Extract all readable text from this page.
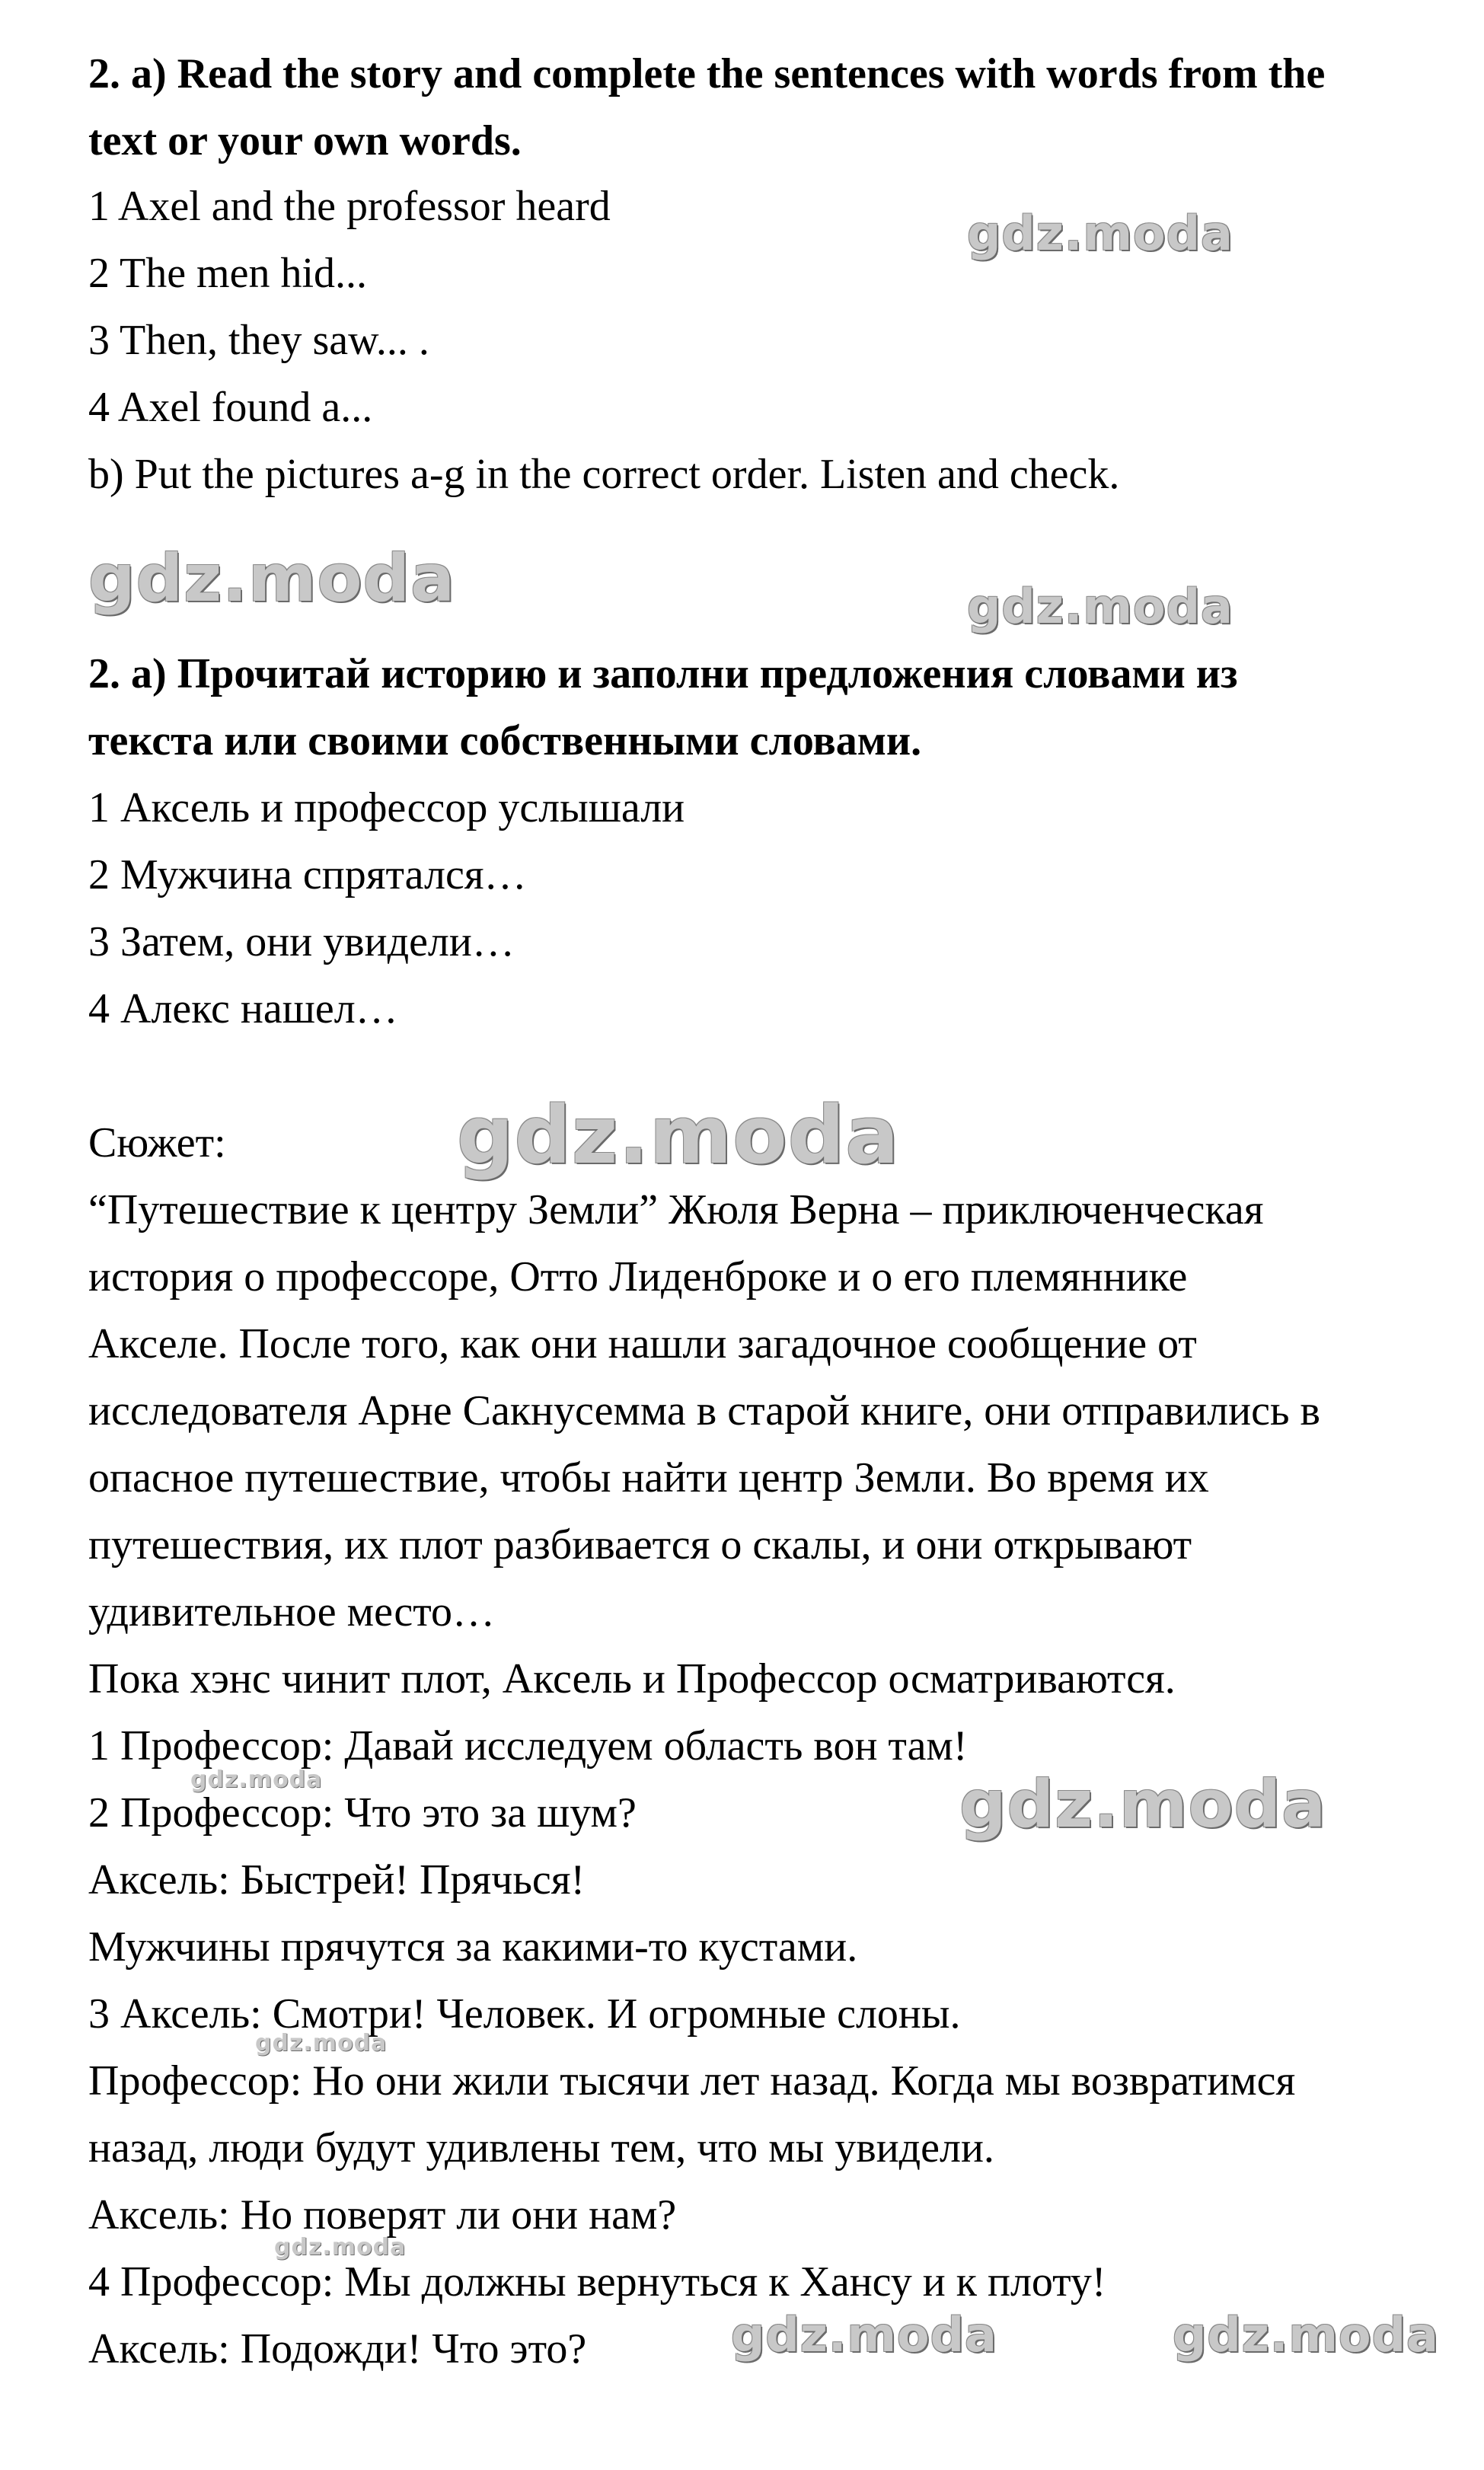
2. a) Read the story and complete the sentences with words from the
text or your own words.
1 Axel and the professor heard
2 The men hid...
3 Then, they saw... .
4 Axel found a...
b) Put the pictures a-g in the correct order. Listen and check.
2. а) Прочитай историю и заполни предложения словами из
текста или своими собственными словами.
1 Аксель и профессор услышали
2 Мужчина спрятался…
3 Затем, они увидели…
4 Алекс нашел…
Сюжет:
“Путешествие к центру Земли” Жюля Верна – приключенческая
история о профессоре, Отто Лиденброке и о его племяннике
Акселе. После того, как они нашли загадочное сообщение от
исследователя Арне Сакнусемма в старой книге, они отправились в
опасное путешествие, чтобы найти центр Земли. Во время их
путешествия, их плот разбивается о скалы, и они открывают
удивительное место…
Пока хэнс чинит плот, Аксель и Профессор осматриваются.
1 Профессор: Давай исследуем область вон там!
2 Профессор: Что это за шум?
Аксель: Быстрей! Прячься!
Мужчины прячутся за какими-то кустами.
3 Аксель: Смотри! Человек. И огромные слоны.
Профессор: Но они жили тысячи лет назад. Когда мы возвратимся
назад, люди будут удивлены тем, что мы увидели.
Аксель: Но поверят ли они нам?
4 Профессор: Мы должны вернуться к Хансу и к плоту!
Аксель: Подожди! Что это?
gdz.moda
gdz.moda	gdz.moda
gdz.moda
gdz.moda	gdz.moda
gdz.moda
gdz.moda
gdz.moda	gdz.moda
